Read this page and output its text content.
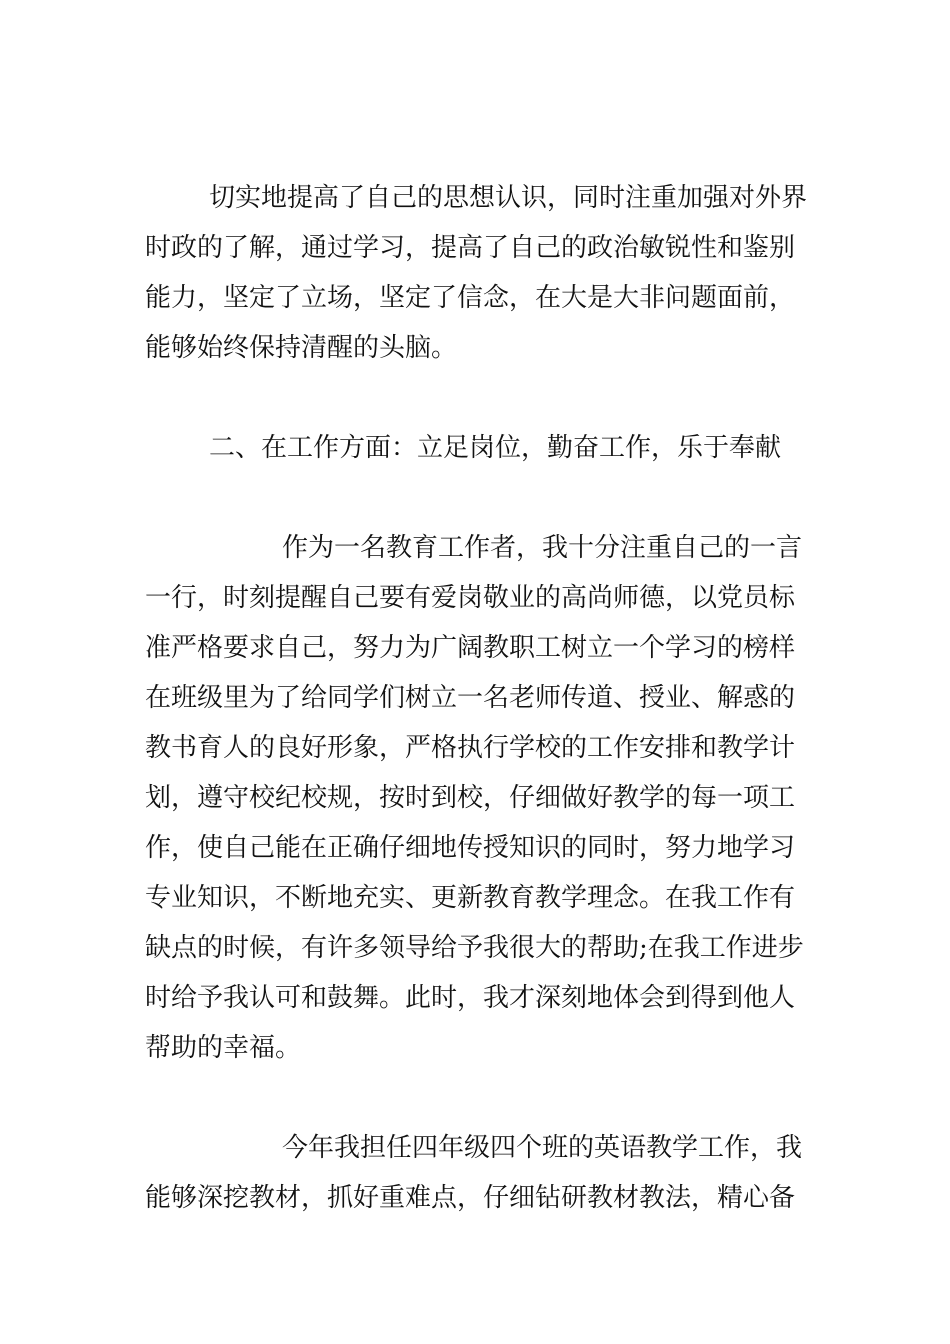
切实地提高了自己的思想认识，同时注重加强对外界

时政的了解，通过学习，提高了自己的政治敏锐性和鉴别

能力，坚定了立场，坚定了信念，在大是大非问题面前，

能够始终保持清醒的头脑。

二、在工作方面：立足岗位，勤奋工作，乐于奉献

作为一名教育工作者，我十分注重自己的一言

一行，时刻提醒自己要有爱岗敬业的高尚师德，以党员标

准严格要求自己，努力为广阔教职工树立一个学习的榜样

在班级里为了给同学们树立一名老师传道、授业、解惑的

教书育人的良好形象，严格执行学校的工作安排和教学计

划，遵守校纪校规，按时到校，仔细做好教学的每一项工

作，使自己能在正确仔细地传授知识的同时，努力地学习

专业知识，不断地充实、更新教育教学理念。在我工作有

缺点的时候，有许多领导给予我很大的帮助;在我工作进步

时给予我认可和鼓舞。此时，我才深刻地体会到得到他人

帮助的幸福。

今年我担任四年级四个班的英语教学工作，我

能够深挖教材，抓好重难点，仔细钻研教材教法，精心备
